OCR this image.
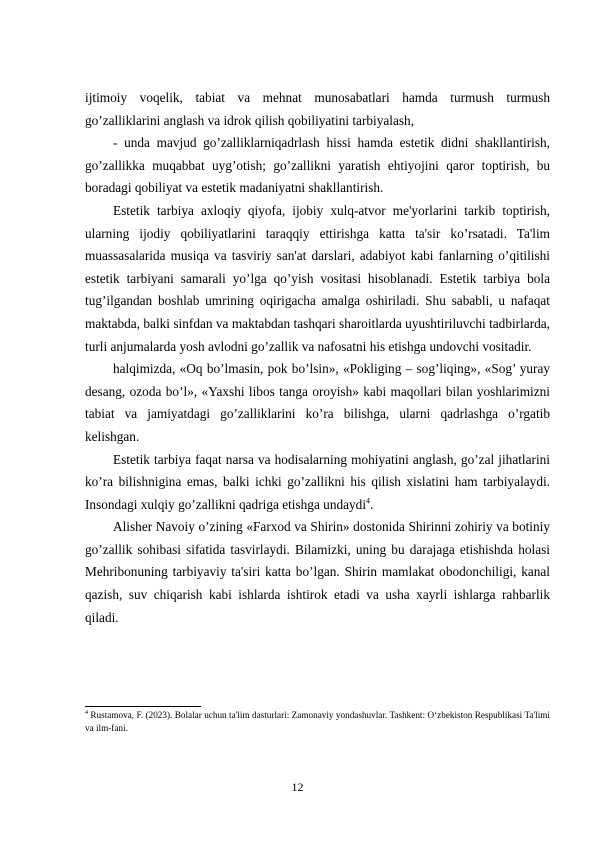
ijtimoiy voqelik, tabiat va mehnat munosabatlari hamda turmush turmush go’zalliklarini anglash va idrok qilish qobiliyatini tarbiyalash,

- unda mavjud go’zalliklarniqadrlash hissi hamda estetik didni shakllantirish, go’zallikka muqabbat uyg’otish; go’zallikni yaratish ehtiyojini qaror toptirish, bu boradagi qobiliyat va estetik madaniyatni shakllantirish.

Estetik tarbiya axloqiy qiyofa, ijobiy xulq-atvor me'yorlarini tarkib toptirish, ularning ijodiy qobiliyatlarini taraqqiy ettirishga katta ta'sir ko’rsatadi. Ta'lim muassasalarida musiqa va tasviriy san'at darslari, adabiyot kabi fanlarning o’qitilishi estetik tarbiyani samarali yo’lga qo’yish vositasi hisoblanadi. Estetik tarbiya bola tug’ilgandan boshlab umrining oqirigacha amalga oshiriladi. Shu sababli, u nafaqat maktabda, balki sinfdan va maktabdan tashqari sharoitlarda uyushtiriluvchi tadbirlarda, turli anjumalarda yosh avlodni go’zallik va nafosatni his etishga undovchi vositadir.

halqimizda, «Oq bo’lmasin, pok bo’lsin», «Pokliging – sog’liqing», «Sog’ yuray desang, ozoda bo’l», «Yaxshi libos tanga oroyish» kabi maqollari bilan yoshlarimizni tabiat va jamiyatdagi go’zalliklarini ko’ra bilishga, ularni qadrlashga o’rgatib kelishgan.

Estetik tarbiya faqat narsa va hodisalarning mohiyatini anglash, go’zal jihatlarini ko’ra bilishnigina emas, balki ichki go’zallikni his qilish xislatini ham tarbiyalaydi. Insondagi xulqiy go’zallikni qadriga etishga undaydi$^4$.

Alisher Navoiy o’zining «Farxod va Shirin» dostonida Shirinni zohiriy va botiniy go’zallik sohibasi sifatida tasvirlaydi. Bilamizki, uning bu darajaga etishishda holasi Mehribonuning tarbiyaviy ta'siri katta bo’lgan. Shirin mamlakat obodonchiligi, kanal qazish, suv chiqarish kabi ishlarda ishtirok etadi va usha xayrli ishlarga rahbarlik qiladi.

$^4$ Rustamova, F. (2023). Bolalar uchun ta'lim dasturlari: Zamonaviy yondashuvlar. Tashkent: O‘zbekiston Respublikasi Ta'limi va ilm-fani.

12
